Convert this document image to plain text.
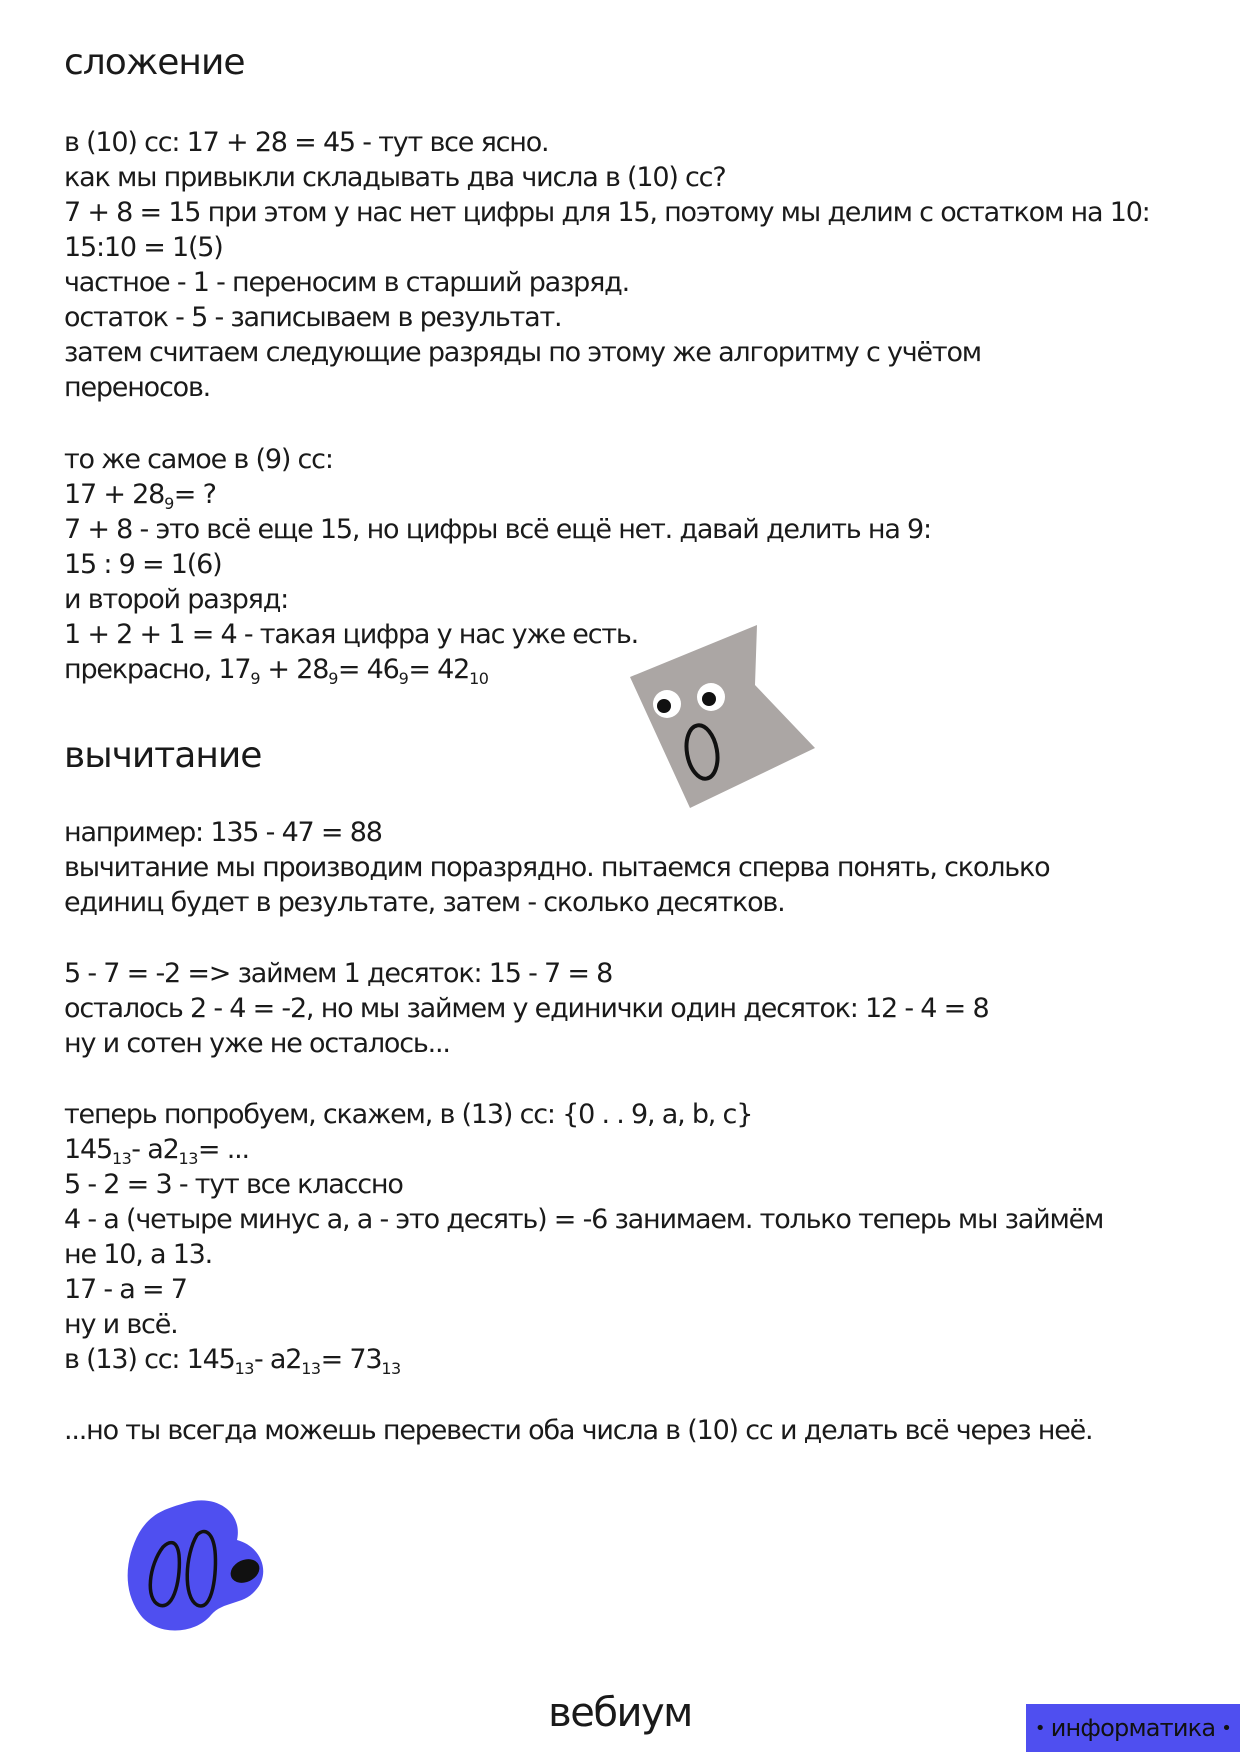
сложение

в (10) сс: 17 + 28 = 45 - тут все ясно.

как мы привыкли складывать два числа в (10) сс?

7 + 8 = 15 при этом у нас нет цифры для 15, поэтому мы делим с остатком на 10:

15:10 = 1(5)

частное - 1 - переносим в старший разряд.

остаток - 5 - записываем в результат.

затем считаем следующие разряды по этому же алгоритму с учётом

переносов.

то же самое в (9) сс:

$17 + 28_9=$ ?

7 + 8 - это всё еще 15, но цифры всё ещё нет. давай делить на 9:

15 : 9 = 1(6)

и второй разряд:

1 + 2 + 1 = 4 - такая цифра у нас уже есть.

прекрасно, $17_9 + 28_9= 46_9= 42_{10}$

вычитание

например: 135 - 47 = 88

вычитание мы производим поразрядно. пытаемся сперва понять, сколько

единиц будет в результате, затем - сколько десятков.

5 - 7 = -2 => займем 1 десяток: 15 - 7 = 8

осталось 2 - 4 = -2, но мы займем у единички один десяток: 12 - 4 = 8

ну и сотен уже не осталось...

теперь попробуем, скажем, в (13) сс: {0 . . 9, a, b, c}

$145_{13}-$ $a2_{13}=$ ...

5 - 2 = 3 - тут все классно

4 - a (четыре минус a, a - это десять) = -6 занимаем. только теперь мы займём

не 10, а 13.

17 - a = 7

ну и всё.

в (13) сс: $145_{13}-$ $a2_{13}= 73_{13}$

...но ты всегда можешь перевести оба числа в (10) сс и делать всё через неё.

вебиум	• информатика •
